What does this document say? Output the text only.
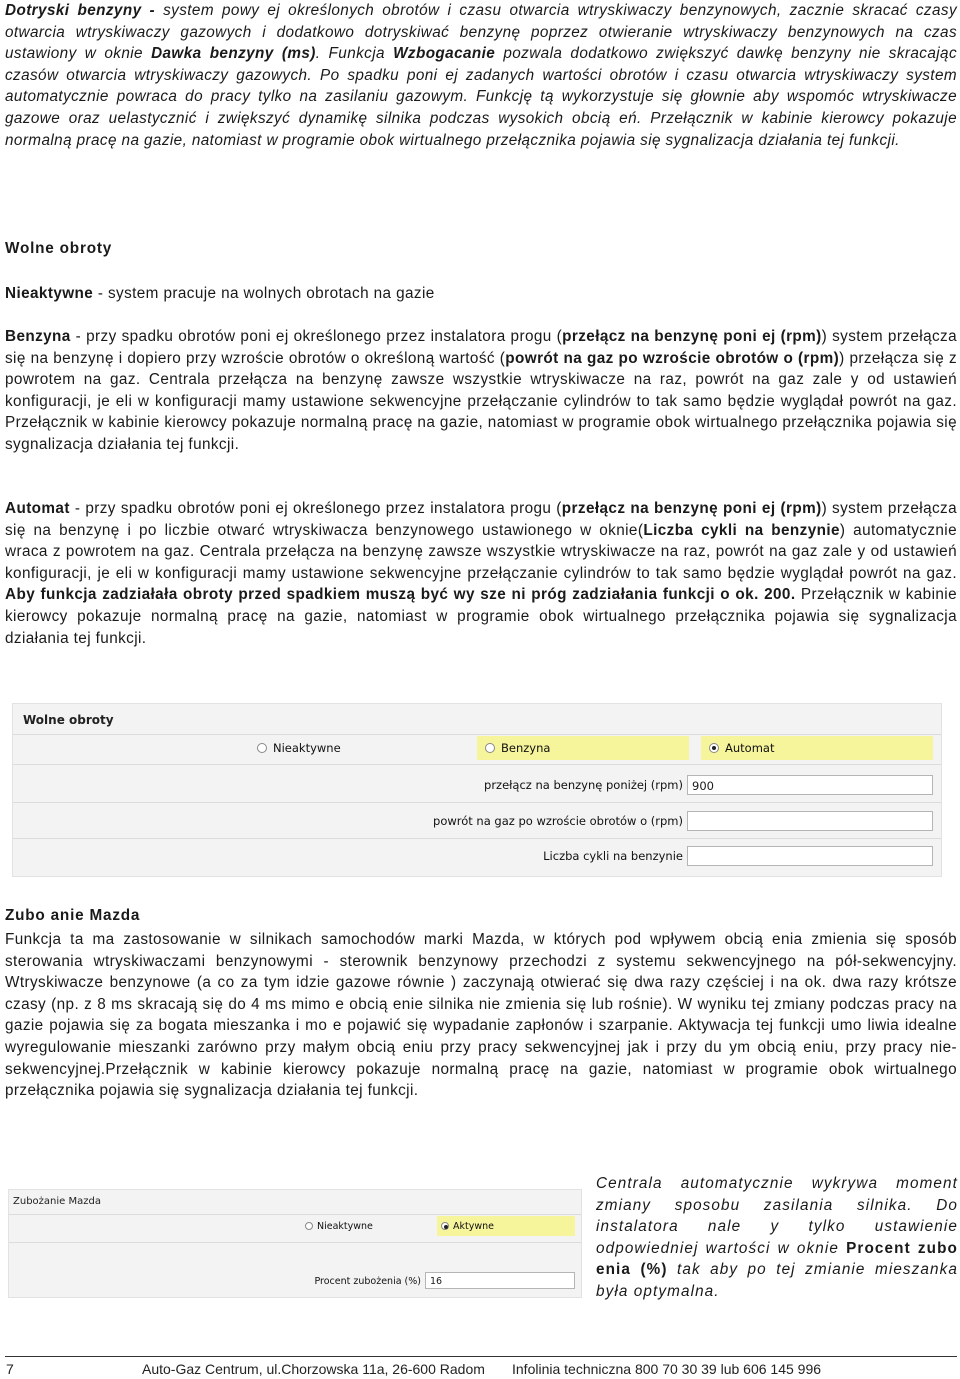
Dotryski benzyny - system powy ej określonych obrotów i czasu otwarcia wtryskiwaczy benzynowych, zacznie skracać czasy otwarcia wtryskiwaczy gazowych i dodatkowo dotryskiwać benzynę poprzez otwieranie wtryskiwaczy benzynowych na czas ustawiony w oknie Dawka benzyny (ms). Funkcja Wzbogacanie pozwala dodatkowo zwiększyć dawkę benzyny nie skracając czasów otwarcia wtryskiwaczy gazowych. Po spadku poni ej zadanych wartości obrotów i czasu otwarcia wtryskiwaczy system automatycznie powraca do pracy tylko na zasilaniu gazowym. Funkcję tą wykorzystuje się głownie aby wspomóc wtryskiwacze gazowe oraz uelastycznić i zwiększyć dynamikę silnika podczas wysokich obcią eń. Przełącznik w kabinie kierowcy pokazuje normalną pracę na gazie, natomiast w programie obok wirtualnego przełącznika pojawia się sygnalizacja działania tej funkcji.
Wolne obroty
Nieaktywne - system pracuje na wolnych obrotach na gazie
Benzyna - przy spadku obrotów poni ej określonego przez instalatora progu (przełącz na benzynę poni ej (rpm)) system przełącza się na benzynę i dopiero przy wzroście obrotów o określoną wartość (powrót na gaz po wzroście obrotów o (rpm)) przełącza się z powrotem na gaz. Centrala przełącza na benzynę zawsze wszystkie wtryskiwacze na raz, powrót na gaz zale y od ustawień konfiguracji, je eli w konfiguracji mamy ustawione sekwencyjne przełączanie cylindrów to tak samo będzie wyglądał powrót na gaz. Przełącznik w kabinie kierowcy pokazuje normalną pracę na gazie, natomiast w programie obok wirtualnego przełącznika pojawia się sygnalizacja działania tej funkcji.
Automat - przy spadku obrotów poni ej określonego przez instalatora progu (przełącz na benzynę poni ej (rpm)) system przełącza się na benzynę i po liczbie otwarć wtryskiwacza benzynowego ustawionego w oknie(Liczba cykli na benzynie) automatycznie wraca z powrotem na gaz. Centrala przełącza na benzynę zawsze wszystkie wtryskiwacze na raz, powrót na gaz zale y od ustawień konfiguracji, je eli w konfiguracji mamy ustawione sekwencyjne przełączanie cylindrów to tak samo będzie wyglądał powrót na gaz. Aby funkcja zadziałała obroty przed spadkiem muszą być wy sze ni próg zadziałania funkcji o ok. 200. Przełącznik w kabinie kierowcy pokazuje normalną pracę na gazie, natomiast w programie obok wirtualnego przełącznika pojawia się sygnalizacja działania tej funkcji.
Wolne obroty
Nieaktywne	Benzyna	Automat
przełącz na benzynę poniżej (rpm) 900
powrót na gaz po wzroście obrotów o (rpm)
Liczba cykli na benzynie
Zubo anie Mazda
Funkcja ta ma zastosowanie w silnikach samochodów marki Mazda, w których pod wpływem obcią enia zmienia się sposób sterowania wtryskiwaczami benzynowymi - sterownik benzynowy przechodzi z systemu sekwencyjnego na pół-sekwencyjny. Wtryskiwacze benzynowe (a co za tym idzie gazowe równie ) zaczynają otwierać się dwa razy częściej i na ok. dwa razy krótsze czasy (np. z 8 ms skracają się do 4 ms mimo e obcią enie silnika nie zmienia się lub rośnie). W wyniku tej zmiany podczas pracy na gazie pojawia się za bogata mieszanka i mo e pojawić się wypadanie zapłonów i szarpanie. Aktywacja tej funkcji umo liwia idealne wyregulowanie mieszanki zarówno przy małym obcią eniu przy pracy sekwencyjnej jak i przy du ym obcią eniu, przy pracy nie-sekwencyjnej.Przełącznik w kabinie kierowcy pokazuje normalną pracę na gazie, natomiast w programie obok wirtualnego przełącznika pojawia się sygnalizacja działania tej funkcji.
Zubożanie Mazda
Nieaktywne	Aktywne
Procent zubożenia (%) 16
Centrala automatycznie wykrywa moment zmiany sposobu zasilania silnika. Do instalatora nale y tylko ustawienie odpowiedniej wartości w oknie Procent zubo enia (%) tak aby po tej zmianie mieszanka była optymalna.
7	Auto-Gaz Centrum, ul.Chorzowska 11a, 26-600 Radom Infolinia techniczna 800 70 30 39 lub 606 145 996
